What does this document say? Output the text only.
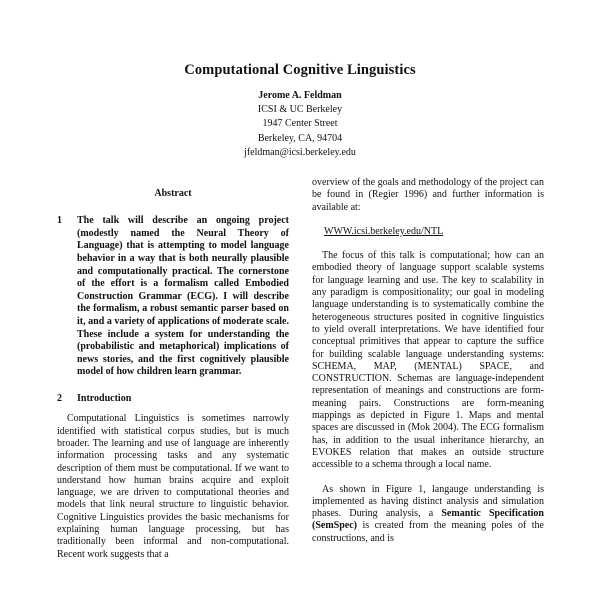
Computational Cognitive Linguistics
Jerome A. Feldman
ICSI & UC Berkeley
1947 Center Street
Berkeley, CA, 94704
jfeldman@icsi.berkeley.edu
Abstract
1	The talk will describe an ongoing project (modestly named the Neural Theory of Language) that is attempting to model language behavior in a way that is both neurally plausible and computationally practical. The cornerstone of the effort is a formalism called Embodied Construction Grammar (ECG). I will describe the formalism, a robust semantic parser based on it, and a variety of applications of moderate scale. These include a system for understanding the (probabilistic and metaphorical) implications of news stories, and the first cognitively plausible model of how children learn grammar.
2	Introduction

Computational Linguistics is sometimes narrowly identified with statistical corpus studies, but is much broader. The learning and use of language are inherently information processing tasks and any systematic description of them must be computational. If we want to understand how human brains acquire and exploit language, we are driven to computational theories and models that link neural structure to linguistic behavior. Cognitive Linguistics provides the basic mechanisms for explaining human language processing, but has traditionally been informal and non-computational. Recent work suggests that a

overview of the goals and methodology of the project can be found in (Regier 1996) and further information is available at:

WWW.icsi.berkeley.edu/NTL

The focus of this talk is computational; how can an embodied theory of language support scalable systems for language learning and use. The key to scalability in any paradigm is compositionality; our goal in modeling language understanding is to systematically combine the heterogeneous structures posited in cognitive linguistics to yield overall interpretations. We have identified four conceptual primitives that appear to capture the suffice for building scalable language understanding systems: SCHEMA, MAP, (MENTAL) SPACE, and CONSTRUCTION. Schemas are language-independent representation of meanings and constructions are form-meaning pairs. Constructions are form-meaning mappings as depicted in Figure 1. Maps and mental spaces are discussed in (Mok 2004). The ECG formalism has, in addition to the usual inheritance hierarchy, an EVOKES relation that makes an outside structure accessible to a schema through a local name.

As shown in Figure 1, langauge understanding is implemented as having distinct analysis and simulation phases. During analysis, a Semantic Specification (SemSpec) is created from the meaning poles of the constructions, and is
